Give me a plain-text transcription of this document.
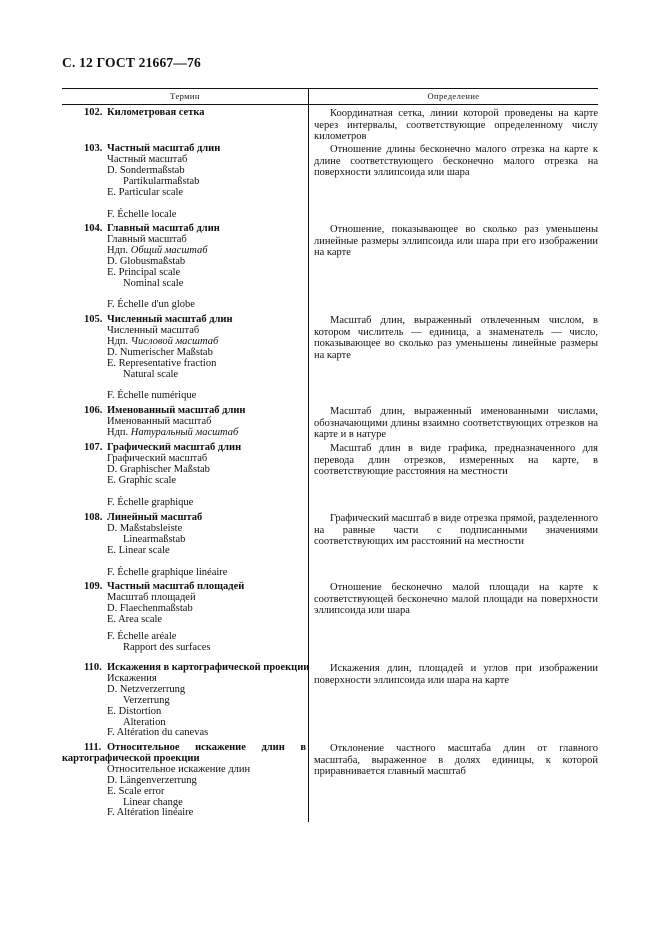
С. 12 ГОСТ 21667—76
Термин	Определение
102. Километровая сетка	Координатная сетка, линии которой проведены на карте через интервалы, соответствующие определенному числу километров
103. Частный масштаб длин
Частный масштаб
D. Sondermaßstab
Partikularmaßstab
E. Particular scale
F. Échelle locale
Отношение длины бесконечно малого отрезка на карте к длине соответствующего бесконечно малого отрезка на поверхности эллипсоида или шара
104. Главный масштаб длин
Главный масштаб
Ндп. Общий масштаб
D. Globusmaßstab
E. Principal scale
Nominal scale
F. Échelle d'un globe
Отношение, показывающее во сколько раз уменьшены линейные размеры эллипсоида или шара при его изображении на карте
105. Численный масштаб длин
Численный масштаб
Ндп. Числовой масштаб
D. Numerischer Maßstab
E. Representative fraction
Natural scale
F. Échelle numérique
Масштаб длин, выраженный отвлеченным числом, в котором числитель — единица, а знаменатель — число, показывающее во сколько раз уменьшены линейные размеры на карте
106. Именованный масштаб длин
Именованный масштаб
Ндп. Натуральный масштаб
Масштаб длин, выраженный именованными числами, обозначающими длины взаимно соответствующих отрезков на карте и в натуре
107. Графический масштаб длин
Графический масштаб
D. Graphischer Maßstab
E. Graphic scale
F. Échelle graphique
Масштаб длин в виде графика, предназначенного для перевода длин отрезков, измеренных на карте, в соответствующие расстояния на местности
108. Линейный масштаб
D. Maßstabsleiste
Linearmaßstab
E. Linear scale
F. Échelle graphique linéaire
Графический масштаб в виде отрезка прямой, разделенного на равные части с подписанными значениями соответствующих им расстояний на местности
109. Частный масштаб площадей
Масштаб площадей
D. Flaechenmaßstab
E. Area scale
F. Échelle aréale
Rapport des surfaces
Отношение бесконечно малой площади на карте к соответствующей бесконечно малой площади на поверхности эллипсоида или шара
110. Искажения в картографической проекции
Искажения
D. Netzverzerrung
Verzerrung
E. Distortion
Alteration
F. Altération du canevas
Искажения длин, площадей и углов при изображении поверхности эллипсоида или шара на карте
111. Относительное искажение длин в картографической проекции
Относительное искажение длин
D. Längenverzerrung
E. Scale error
Linear change
F. Altération linéaire
Отклонение частного масштаба длин от главного масштаба, выраженное в долях единицы, к которой приравнивается главный масштаб
